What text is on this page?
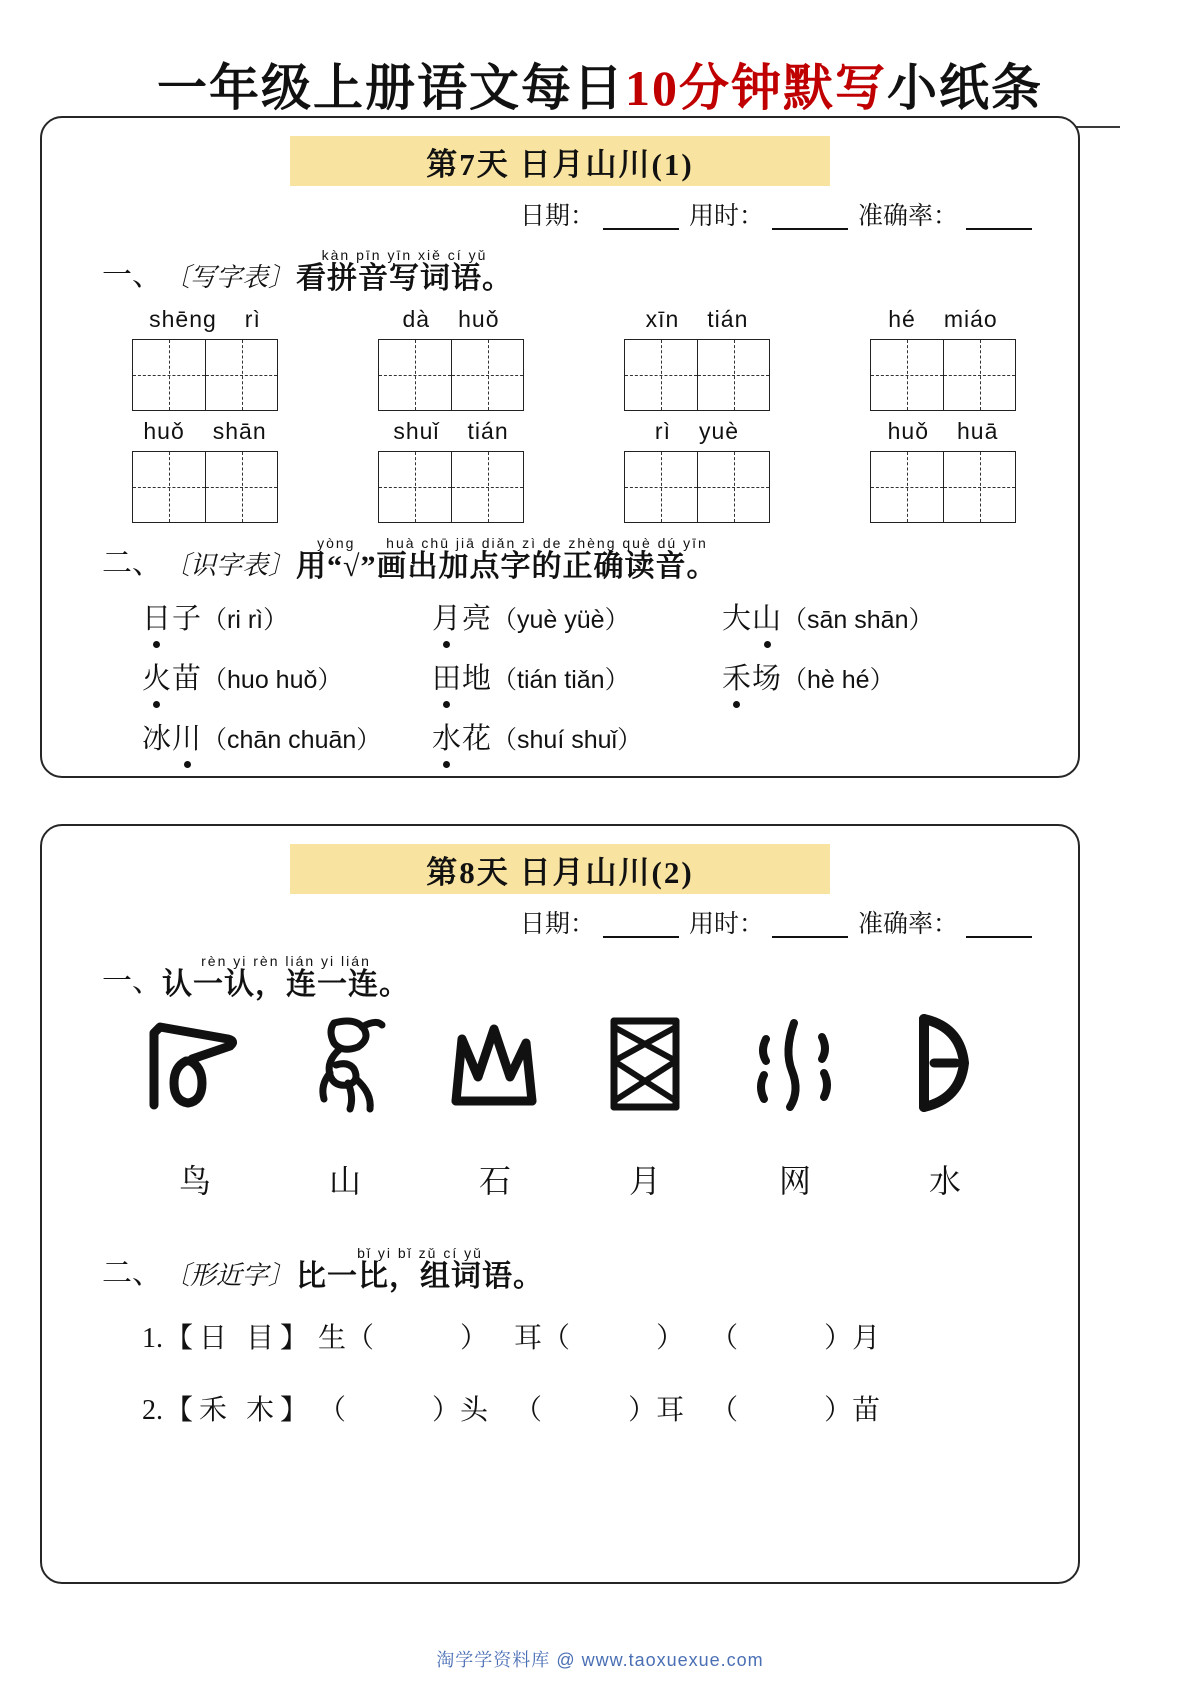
一年级上册语文每日10分钟默写小纸条
第7天 日月山川(1)
日期：	用时：	准确率：
一、 〔写字表〕
kàn pīn yīn xiě cí yǔ
看拼音写词语。
shēng rì	dà huǒ	xīn tián	hé miáo
huǒ shān	shuǐ tián	rì yuè	huǒ huā
二、 〔识字表〕
yòng
用“√”
huà chū jiā diǎn zì de zhèng què dú yīn
画出加点字的正确读音。
日子（ri rì）	月亮（yuè yüè）	大山（sān shān）
火苗（huo huǒ）	田地（tián tiǎn）	禾场（hè hé）
冰川（chān chuān）	水花（shuí shuǐ）
第8天 日月山川(2)
日期：	用时：	准确率：
一、
rèn yi rèn lián yi lián
认一认，连一连。
鸟	山	石	月	网	水
二、 〔形近字〕
bǐ yi bǐ zǔ cí yǔ
比一比，组词语。
1. 【日 目】 生（	） 耳（	） （	）月
2. 【禾 木】 （	）头 （	）耳 （	）苗
淘学学资料库 @ www.taoxuexue.com
